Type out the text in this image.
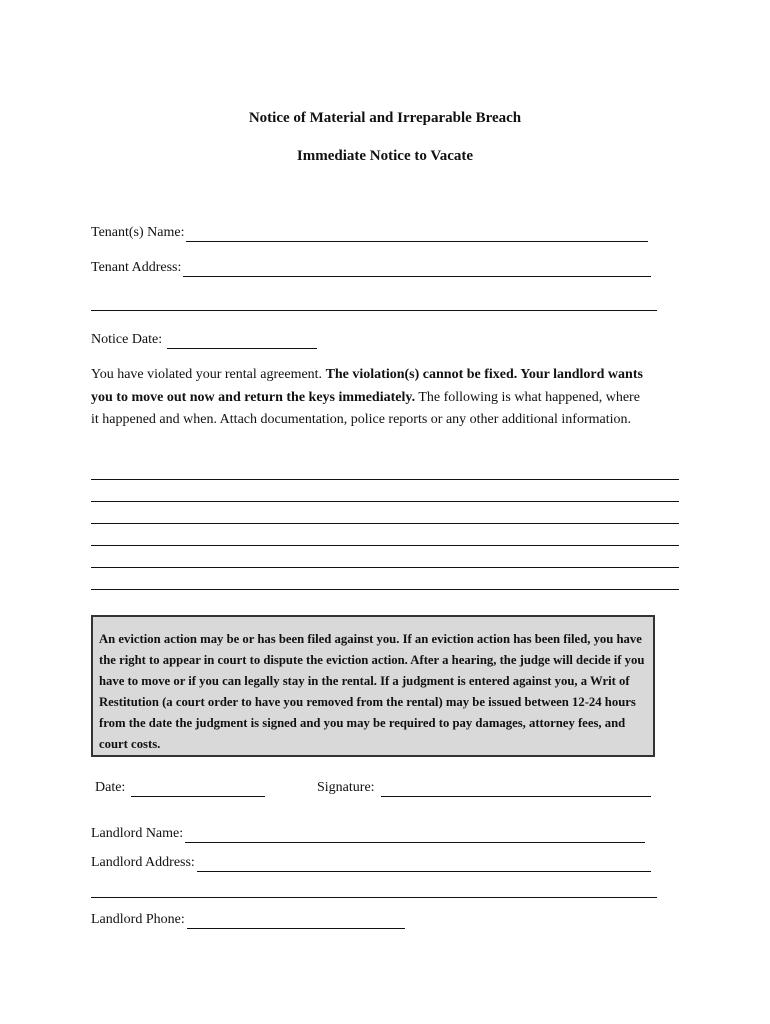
Notice of Material and Irreparable Breach
Immediate Notice to Vacate
Tenant(s) Name:
Tenant Address:
Notice Date:
You have violated your rental agreement. The violation(s) cannot be fixed. Your landlord wants you to move out now and return the keys immediately. The following is what happened, where it happened and when. Attach documentation, police reports or any other additional information.
An eviction action may be or has been filed against you. If an eviction action has been filed, you have the right to appear in court to dispute the eviction action. After a hearing, the judge will decide if you have to move or if you can legally stay in the rental. If a judgment is entered against you, a Writ of Restitution (a court order to have you removed from the rental) may be issued between 12-24 hours from the date the judgment is signed and you may be required to pay damages, attorney fees, and court costs.
Date:	Signature:
Landlord Name:
Landlord Address:
Landlord Phone:
